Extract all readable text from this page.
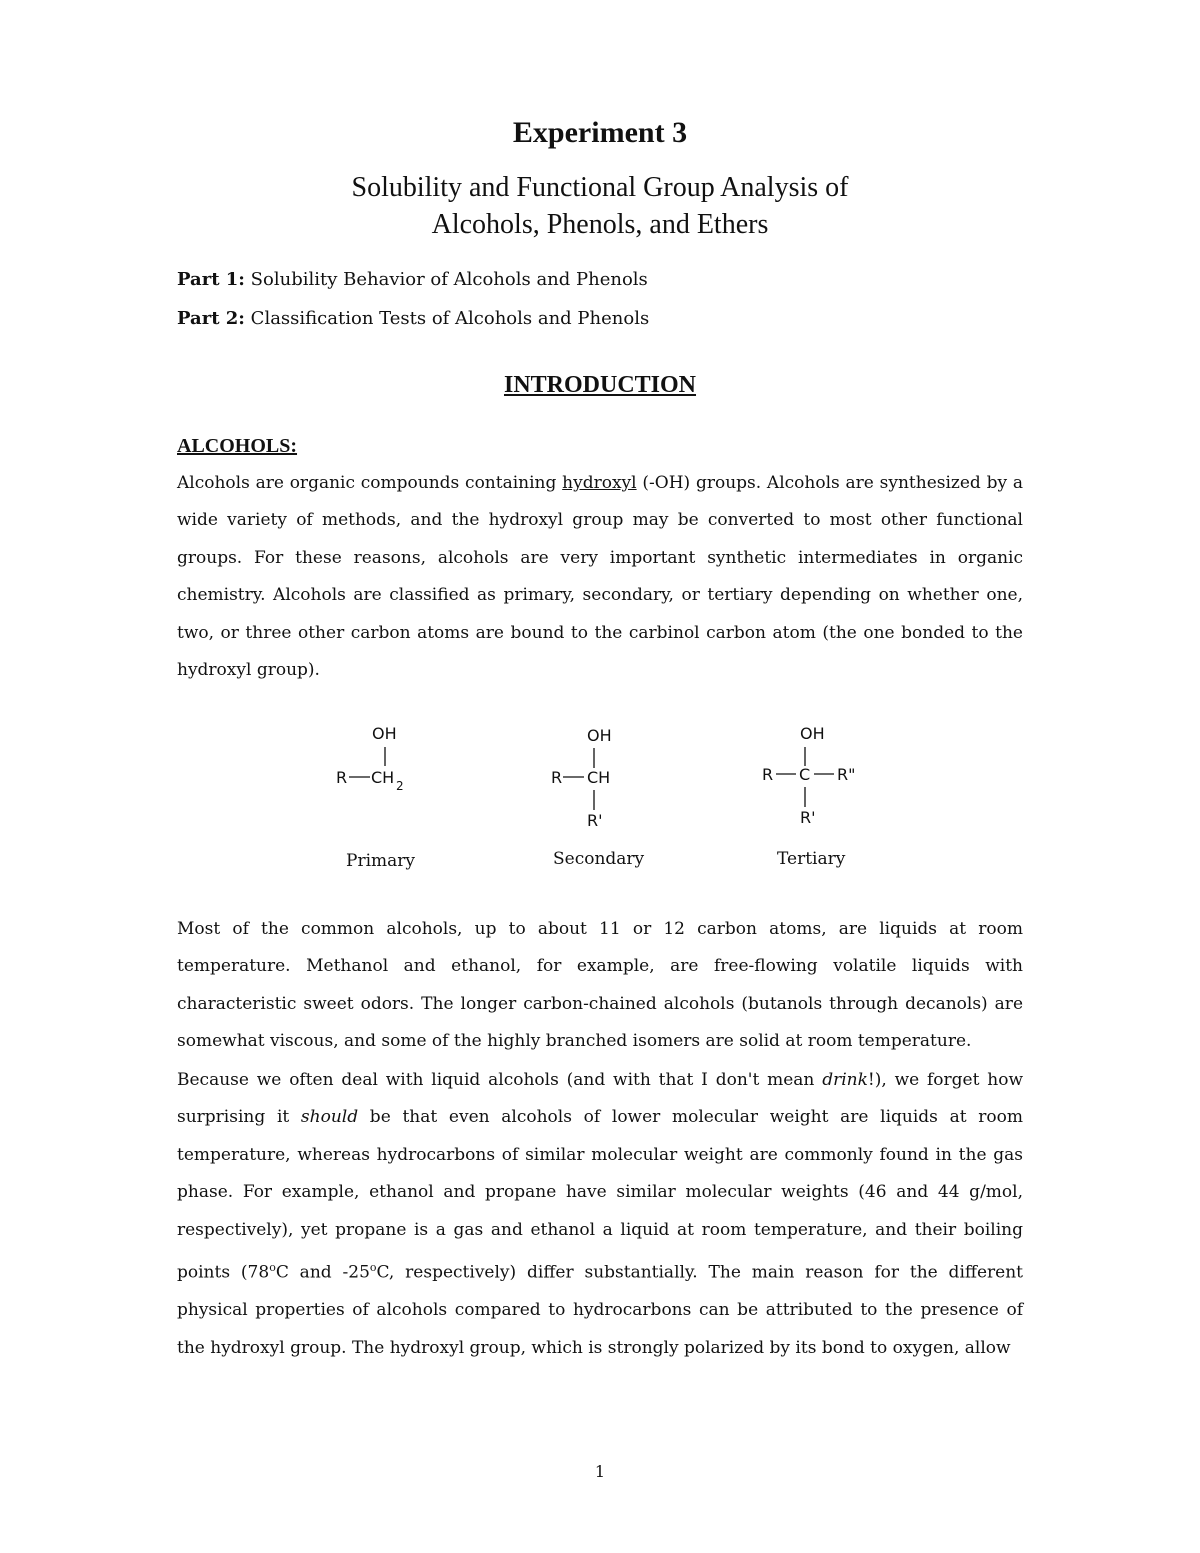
Experiment 3
Solubility and Functional Group Analysis of
Alcohols, Phenols, and Ethers
Part 1: Solubility Behavior of Alcohols and Phenols
Part 2: Classification Tests of Alcohols and Phenols
INTRODUCTION
ALCOHOLS:
Alcohols are organic compounds containing hydroxyl (-OH) groups. Alcohols are synthesized by a wide variety of methods, and the hydroxyl group may be converted to most other functional groups. For these reasons, alcohols are very important synthetic intermediates in organic chemistry. Alcohols are classified as primary, secondary, or tertiary depending on whether one, two, or three other carbon atoms are bound to the carbinol carbon atom (the one bonded to the hydroxyl group).
OH
R CH 2
OH
R CH
R'
OH
R C R"
R'
Primary	Secondary	Tertiary
Most of the common alcohols, up to about 11 or 12 carbon atoms, are liquids at room temperature. Methanol and ethanol, for example, are free-flowing volatile liquids with characteristic sweet odors. The longer carbon-chained alcohols (butanols through decanols) are somewhat viscous, and some of the highly branched isomers are solid at room temperature.
Because we often deal with liquid alcohols (and with that I don't mean drink!), we forget how surprising it should be that even alcohols of lower molecular weight are liquids at room temperature, whereas hydrocarbons of similar molecular weight are commonly found in the gas phase. For example, ethanol and propane have similar molecular weights (46 and 44 g/mol, respectively), yet propane is a gas and ethanol a liquid at room temperature, and their boiling points (78$^o$C and -25$^o$C, respectively) differ substantially. The main reason for the different physical properties of alcohols compared to hydrocarbons can be attributed to the presence of the hydroxyl group. The hydroxyl group, which is strongly polarized by its bond to oxygen, allow
1
